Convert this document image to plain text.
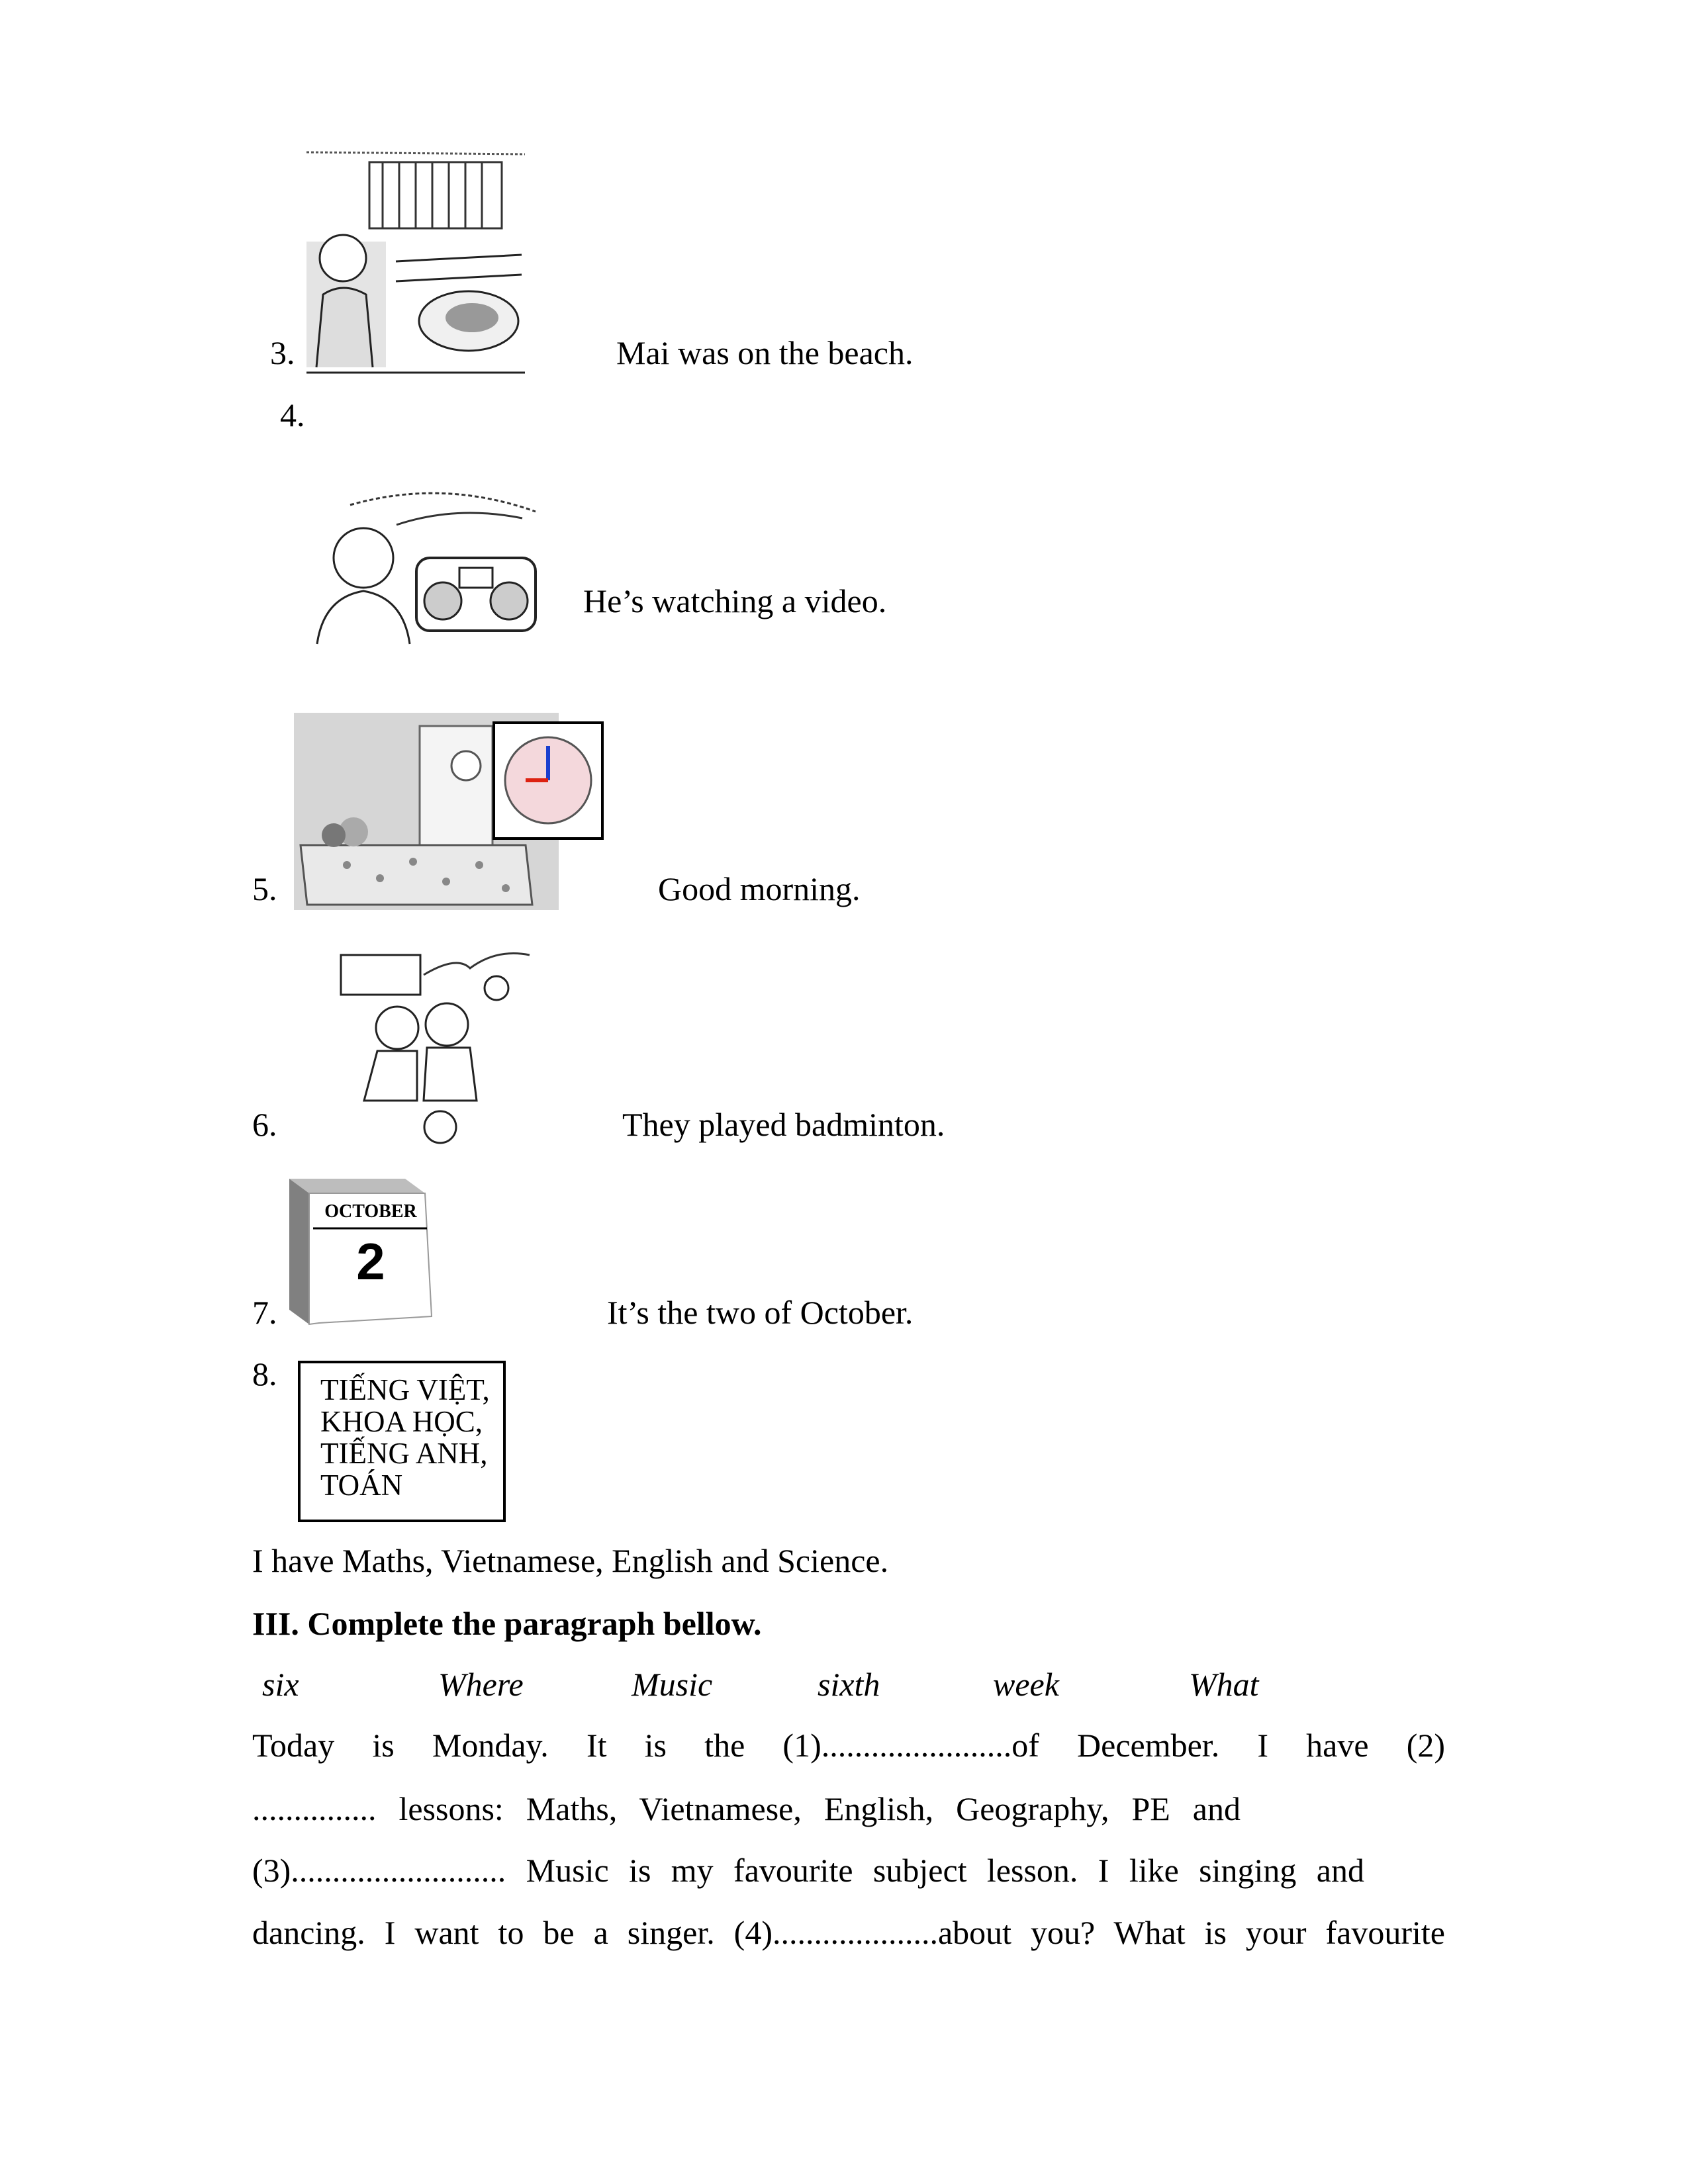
3.	Mai was on the beach.
4.
He’s watching a video.
5.	Good morning.
6.	They played badminton.
OCTOBER
2
7.	It’s the two of October.
8.	TIẾNG VIỆT,
KHOA HỌC,
TIẾNG ANH,
TOÁN
I have Maths, Vietnamese, English and Science.
III. Complete the paragraph bellow.
six	Where	Music	sixth	week	What
Today is Monday. It is the (1).......................of December. I have (2)
............... lessons: Maths, Vietnamese, English, Geography, PE and
(3).......................... Music is my favourite subject lesson. I like singing and
dancing. I want to be a singer. (4)....................about you? What is your favourite
